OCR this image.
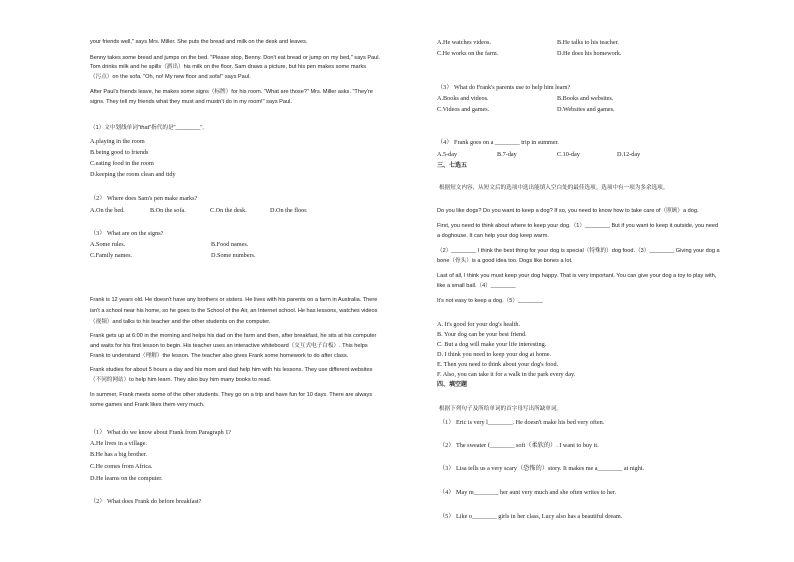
your friends well," says Mrs. Miller. She puts the bread and milk on the desk and leaves.
Benny takes some bread and jumps on the bed. "Please stop, Benny. Don't eat bread or jump on my bed," says Paul.
Tom drinks milk and he spills（洒出）his milk on the floor. Sam draws a picture, but his pen makes some marks
（污点）on the sofa. "Oh, no! My new floor and sofa!" says Paul.
After Paul's friends leave, he makes some signs（标牌）for his room. "What are those?" Mrs. Miller asks. "They're
signs. They tell my friends what they must and mustn't do in my room!" says Paul.
（1）文中划线单词"that"指代的是"________"。
A.playing in the room
B.being good to friends
C.eating food in the room
D.keeping the room clean and tidy
（2） Where does Sam's pen make marks?
A.On the bed.	B.On the sofa.	C.On the desk.	D.On the floor.
（3） What are on the signs?
A.Some rules.	B.Food names.
C.Family names.	D.Some numbers.
Frank is 12 years old. He doesn't have any brothers or sisters. He lives with his parents on a farm in Australia. There
isn't a school near his home, so he goes to the School of the Air, an Internet school. He has lessons, watches videos
（视频）and talks to his teacher and the other students on the computer.
Frank gets up at 6:00 in the morning and helps his dad on the farm and then, after breakfast, he sits at his computer
and waits for his first lesson to begin. His teacher uses an interactive whiteboard（交互式电子白板）. This helps
Frank to understand（理解）the lesson. The teacher also gives Frank some homework to do after class.
Frank studies for about 5 hours a day and his mom and dad help him with his lessons. They use different websites
（不同的网站）to help him learn. They also buy him many books to read.
In summer, Frank meets some of the other students. They go on a trip and have fun for 10 days. There are always
some games and Frank likes them very much.
（1） What do we know about Frank from Paragraph 1?
A.He lives in a village.
B.He has a big brother.
C.He comes from Africa.
D.He learns on the computer.
（2） What does Frank do before breakfast?
A.He watches videos.	B.He talks to his teacher.
C.He works on the farm.	D.He does his homework.
（3） What do Frank's parents use to help him learn?
A.Books and videos.	B.Books and websites.
C.Videos and games.	D.Websites and games.
（4） Frank goes on a ________ trip in summer.
A.5-day	B.7-day	C.10-day	D.12-day
三、七选五
根据短文内容，从短文后的选项中选出能填入空白处的最佳选项。选项中有一项为多余选项。
Do you like dogs? Do you want to keep a dog? If so, you need to know how to take care of（照顾）a dog.
First, you need to think about where to keep your dog.（1）________ But if you want to keep it outside, you need
a doghouse. It can help your dog keep warm.
（2）________ I think the best thing for your dog is special（特殊的）dog food.（3）________ Giving your dog a
bone（骨头）is a good idea too. Dogs like bones a lot.
Last of all, I think you must keep your dog happy. That is very important. You can give your dog a toy to play with,
like a small ball.（4）________
It's not easy to keep a dog.（5）________
A. It's good for your dog's health.
B. Your dog can be your best friend.
C. But a dog will make your life interesting.
D. I think you need to keep your dog at home.
E. Then you need to think about your dog's food.
F. Also, you can take it for a walk in the park every day.
四、填空题
根据下列句子及所给单词的首字母写出所缺单词。
（1） Eric is very l________. He doesn't make his bed very often.
（2） The sweater f________ soft（柔软的）. I want to buy it.
（3） Lisa tells us a very scary（恐怖的）story. It makes me a________ at night.
（4） May m________ her aunt very much and she often writes to her.
（5） Like o________ girls in her class, Lucy also has a beautiful dream.
